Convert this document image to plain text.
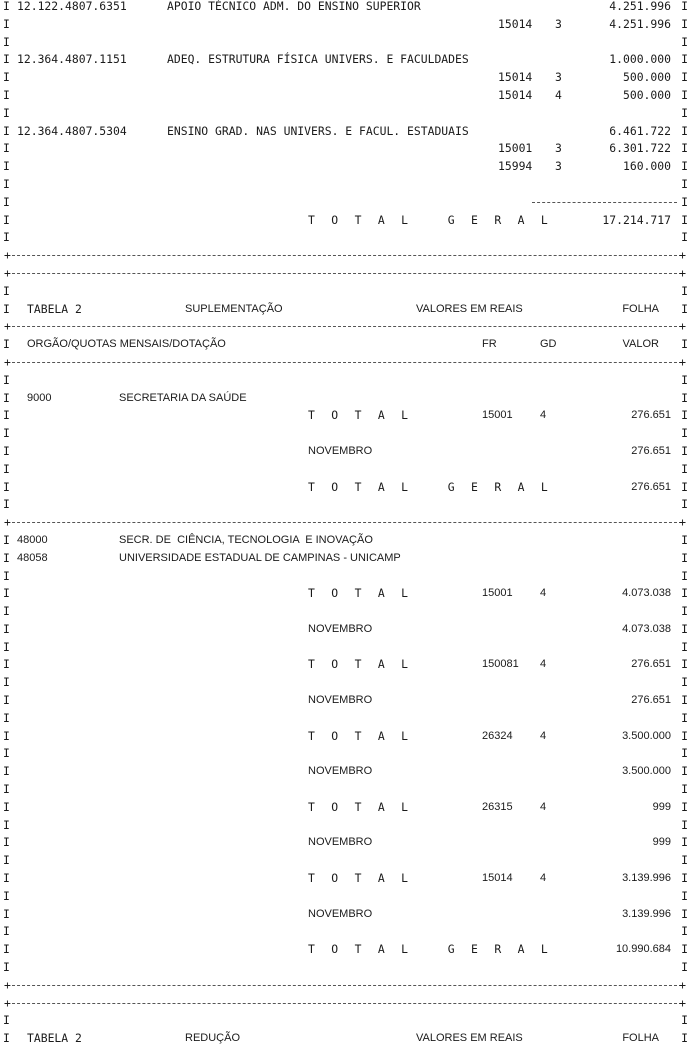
I	I
12.122.4807.6351	APOIO TÉCNICO ADM. DO ENSINO SUPERIOR	4.251.996
I	I
15014 3	4.251.996
I	I
I	I
12.364.4807.1151	ADEQ. ESTRUTURA FÍSICA UNIVERS. E FACULDADES	1.000.000
I	I
15014 3	500.000
I	I
15014 4	500.000
I	I
I	I
12.364.4807.5304	ENSINO GRAD. NAS UNIVERS. E FACUL. ESTADUAIS	6.461.722
I	I
15001 3	6.301.722
I	I
15994 3	160.000
I	I
I	I
I	I
T O T A L   G E R A L	17.214.717
I	I
+	+
+	+
I	I
I	I
TABELA 2	SUPLEMENTAÇÃO	VALORES EM REAIS	FOLHA
+	+
I	I
ORGÃO/QUOTAS MENSAIS/DOTAÇÃO	FR	GD	VALOR
+	+
I	I
I	I
9000	SECRETARIA DA SAÚDE
I	I
T O T A L	15001 4	276.651
I	I
I	I
NOVEMBRO	276.651
I	I
I	I
T O T A L   G E R A L	276.651
I	I
+	+
I	I
48000	SECR. DE  CIÊNCIA, TECNOLOGIA  E INOVAÇÃO
I	I
48058	UNIVERSIDADE ESTADUAL DE CAMPINAS - UNICAMP
I	I
I	I
T O T A L	15001 4	4.073.038
I	I
I	I
NOVEMBRO	4.073.038
I	I
I	I
T O T A L	150081 4	276.651
I	I
I	I
NOVEMBRO	276.651
I	I
I	I
T O T A L	26324 4	3.500.000
I	I
I	I
NOVEMBRO	3.500.000
I	I
I	I
T O T A L	26315 4	999
I	I
I	I
NOVEMBRO	999
I	I
I	I
T O T A L	15014 4	3.139.996
I	I
I	I
NOVEMBRO	3.139.996
I	I
I	I
T O T A L   G E R A L	10.990.684
I	I
+	+
+	+
I	I
I	I
TABELA 2	REDUÇÃO	VALORES EM REAIS	FOLHA
